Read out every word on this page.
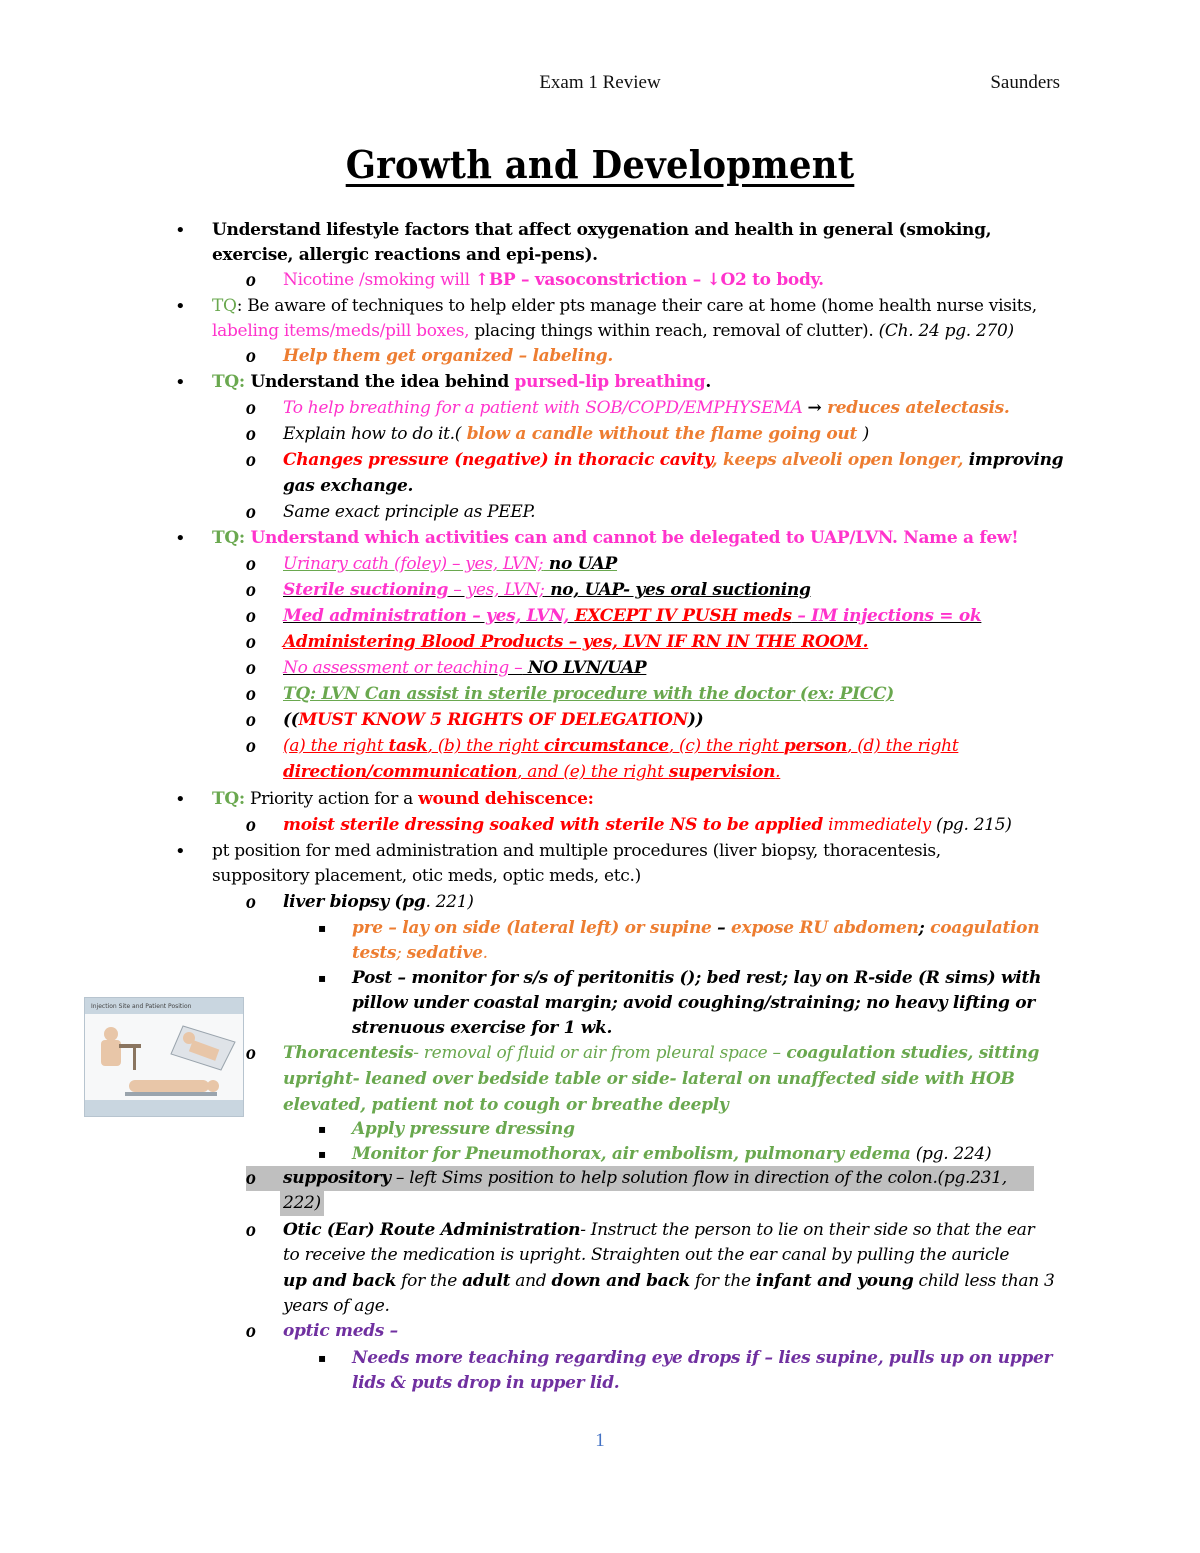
Exam 1 Review	Saunders
Growth and Development
• Understand lifestyle factors that affect oxygenation and health in general (smoking,
exercise, allergic reactions and epi-pens).
o Nicotine /smoking will ↑BP – vasoconstriction – ↓O2 to body.
• TQ: Be aware of techniques to help elder pts manage their care at home (home health nurse visits,
labeling items/meds/pill boxes, placing things within reach, removal of clutter). (Ch. 24 pg. 270)
o Help them get organized – labeling.
• TQ: Understand the idea behind pursed-lip breathing.
o To help breathing for a patient with SOB/COPD/EMPHYSEMA → reduces atelectasis.
o Explain how to do it.( blow a candle without the flame going out )
o Changes pressure (negative) in thoracic cavity, keeps alveoli open longer, improving
gas exchange.
o Same exact principle as PEEP.
• TQ: Understand which activities can and cannot be delegated to UAP/LVN. Name a few!
o Urinary cath (foley) – yes, LVN; no UAP
o Sterile suctioning – yes, LVN; no, UAP- yes oral suctioning
o Med administration – yes, LVN, EXCEPT IV PUSH meds – IM injections = ok
o Administering Blood Products – yes, LVN IF RN IN THE ROOM.
o No assessment or teaching – NO LVN/UAP
o TQ: LVN Can assist in sterile procedure with the doctor (ex: PICC)
o ((MUST KNOW 5 RIGHTS OF DELEGATION))
o (a) the right task, (b) the right circumstance, (c) the right person, (d) the right
direction/communication, and (e) the right supervision.
• TQ: Priority action for a wound dehiscence:
o moist sterile dressing soaked with sterile NS to be applied immediately (pg. 215)
• pt position for med administration and multiple procedures (liver biopsy, thoracentesis,
suppository placement, otic meds, optic meds, etc.)
o liver biopsy (pg. 221)
▪ pre – lay on side (lateral left) or supine – expose RU abdomen; coagulation
tests; sedative.
▪ Post – monitor for s/s of peritonitis (); bed rest; lay on R-side (R sims) with
pillow under coastal margin; avoid coughing/straining; no heavy lifting or
strenuous exercise for 1 wk.
Injection Site and Patient Position
o Thoracentesis- removal of fluid or air from pleural space – coagulation studies, sitting
upright- leaned over bedside table or side- lateral on unaffected side with HOB
elevated, patient not to cough or breathe deeply
▪ Apply pressure dressing
▪ Monitor for Pneumothorax, air embolism, pulmonary edema (pg. 224)
o suppository – left Sims position to help solution flow in direction of the colon.(pg.231,
222)
o Otic (Ear) Route Administration- Instruct the person to lie on their side so that the ear
to receive the medication is upright. Straighten out the ear canal by pulling the auricle
up and back for the adult and down and back for the infant and young child less than 3
years of age.
o optic meds –
▪ Needs more teaching regarding eye drops if – lies supine, pulls up on upper
lids & puts drop in upper lid.
1
